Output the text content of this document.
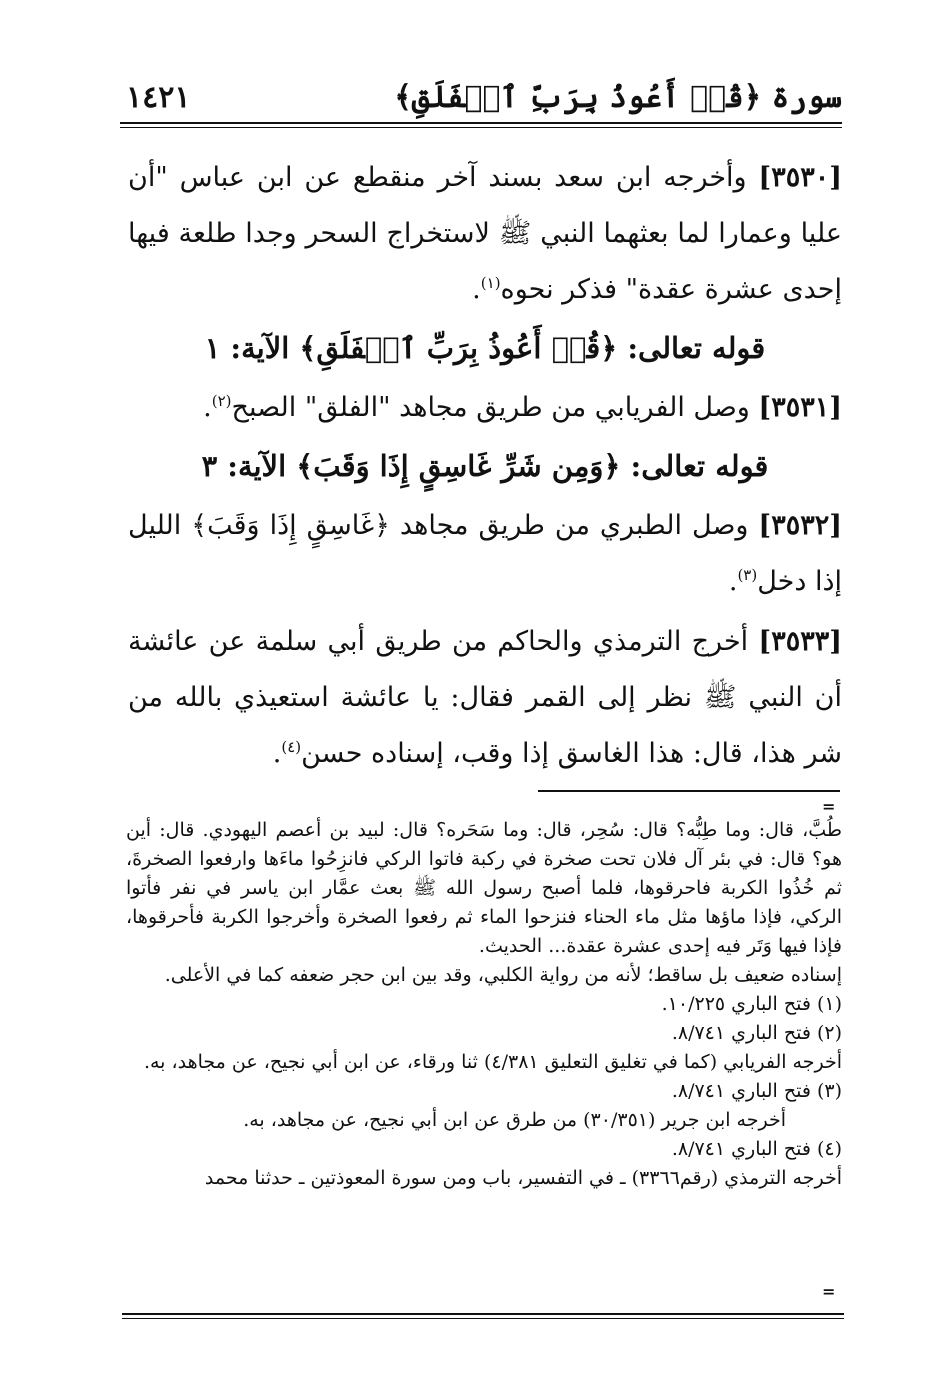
سورة ﴿قُلۡ أَعُوذُ بِرَبِّ ٱلۡفَلَقِ﴾
١٤٢١

[٣٥٣٠] وأخرجه ابن سعد بسند آخر منقطع عن ابن عباس "أن عليا وعمارا لما بعثهما النبي ﷺ لاستخراج السحر وجدا طلعة فيها إحدى عشرة عقدة" فذكر نحوه$^{(١)}$.

قوله تعالى: ﴿قُلۡ أَعُوذُ بِرَبِّ ٱلۡفَلَقِ﴾ الآية: ١

[٣٥٣١] وصل الفريابي من طريق مجاهد "الفلق" الصبح$^{(٢)}$.

قوله تعالى: ﴿وَمِن شَرِّ غَاسِقٍ إِذَا وَقَبَ﴾ الآية: ٣

[٣٥٣٢] وصل الطبري من طريق مجاهد ﴿غَاسِقٍ إِذَا وَقَبَ﴾ الليل إذا دخل$^{(٣)}$.

[٣٥٣٣] أخرج الترمذي والحاكم من طريق أبي سلمة عن عائشة أن النبي ﷺ نظر إلى القمر فقال: يا عائشة استعيذي بالله من شر هذا، قال: هذا الغاسق إذا وقب، إسناده حسن$^{(٤)}$.

=

طُبَّ، قال: وما طِبُّه؟ قال: سُحِر، قال: وما سَحَره؟ قال: لبيد بن أعصم اليهودي. قال: أين هو؟ قال: في بئر آل فلان تحت صخرة في ركبة فاتوا الركي فانزِحُوا ماءَها وارفعوا الصخرةَ، ثم خُذُوا الكربة فاحرقوها، فلما أصبح رسول الله ﷺ بعث عمَّار ابن ياسر في نفر فأتوا الركي، فإذا ماؤها مثل ماء الحناء فنزحوا الماء ثم رفعوا الصخرة وأخرجوا الكربة فأحرقوها، فإذا فيها وَتَر فيه إحدى عشرة عقدة... الحديث.

إسناده ضعيف بل ساقط؛ لأنه من رواية الكلبي، وقد بين ابن حجر ضعفه كما في الأعلى.

(١) فتح الباري ١٠/٢٢٥.

(٢) فتح الباري ٨/٧٤١.

أخرجه الفريابي (كما في تغليق التعليق ٤/٣٨١) ثنا ورقاء، عن ابن أبي نجيح، عن مجاهد، به.

(٣) فتح الباري ٨/٧٤١.

أخرجه ابن جرير (٣٠/٣٥١) من طرق عن ابن أبي نجيح، عن مجاهد، به.

(٤) فتح الباري ٨/٧٤١.

أخرجه الترمذي (رقم٣٣٦٦) ـ في التفسير، باب ومن سورة المعوذتين ـ حدثنا محمد

=
